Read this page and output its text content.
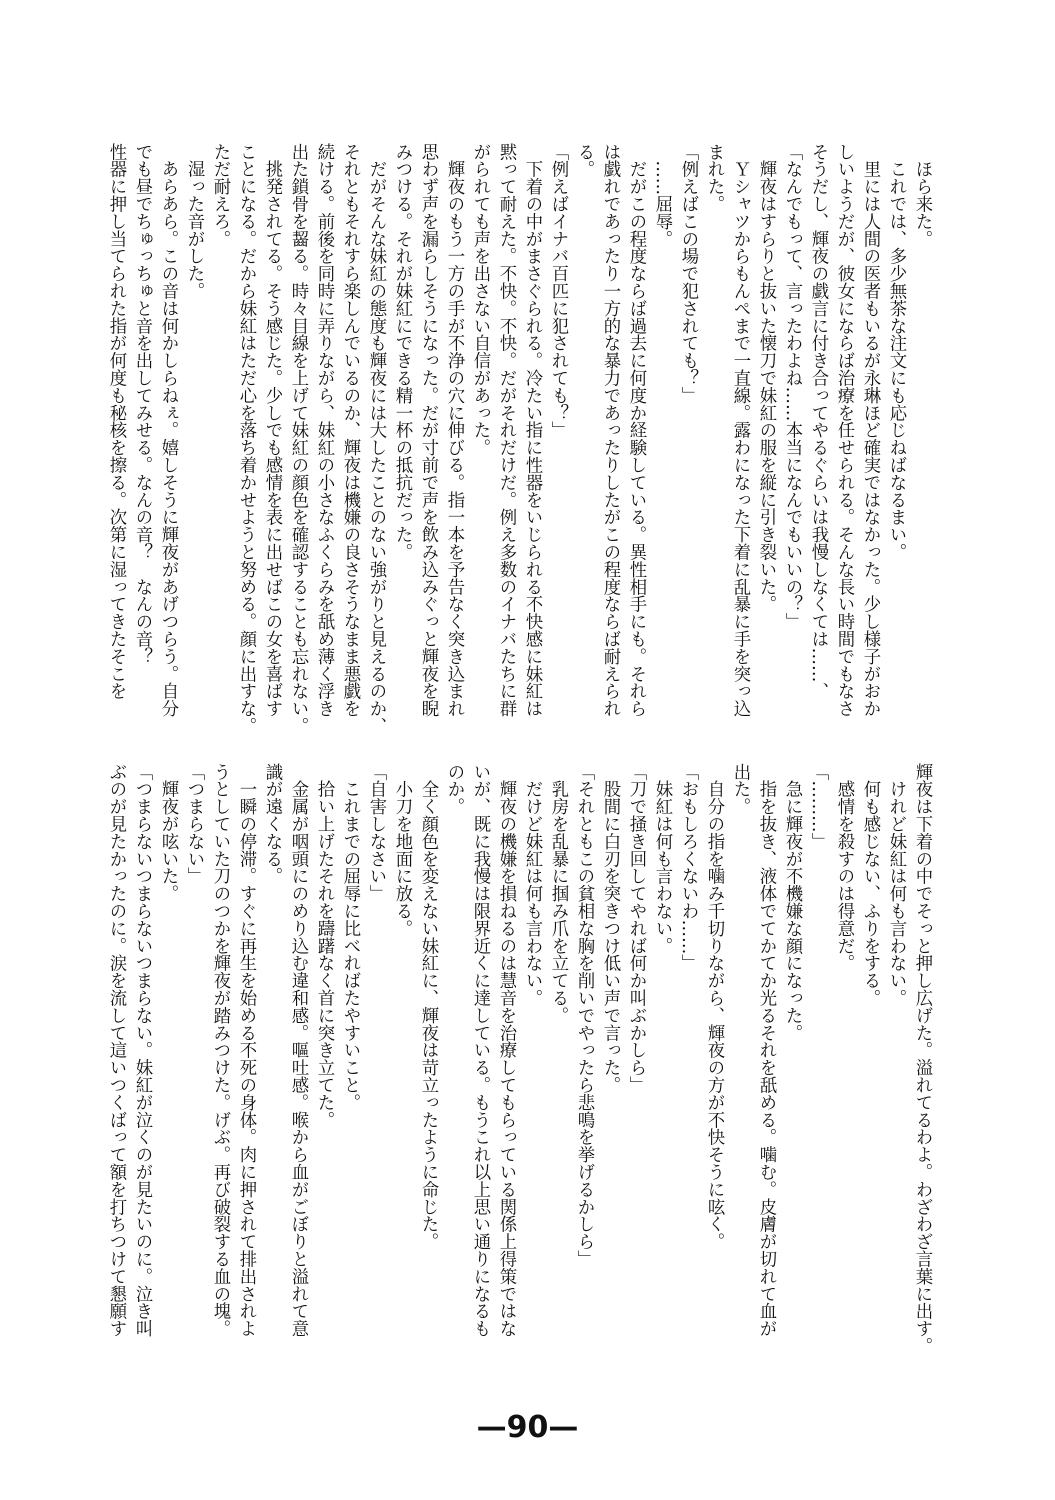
　ほら来た。
　これでは、多少無茶な注文にも応じねばなるまい。
　里には人間の医者もいるが永琳ほど確実ではなかった。少し様子がおか
しいようだが、彼女にならば治療を任せられる。そんな長い時間でもなさ
そうだし、輝夜の戯言に付き合ってやるぐらいは我慢しなくては……、
「なんでもって、言ったわよね……本当になんでもいいの？」
　輝夜はすらりと抜いた懐刀で妹紅の服を縦に引き裂いた。
　Ｙシャツからもんぺまで一直線。露わになった下着に乱暴に手を突っ込
まれた。
「例えばこの場で犯されても？」
　……屈辱。
　だがこの程度ならば過去に何度か経験している。異性相手にも。それら
は戯れであったり一方的な暴力であったりしたがこの程度ならば耐えられ
る。
「例えばイナバ百匹に犯されても？」
　下着の中がまさぐられる。冷たい指に性器をいじられる不快感に妹紅は
黙って耐えた。不快。不快。だがそれだけだ。例え多数のイナバたちに群
がられても声を出さない自信があった。
　輝夜のもう一方の手が不浄の穴に伸びる。指一本を予告なく突き込まれ
思わず声を漏らしそうになった。だが寸前で声を飲み込みぐっと輝夜を睨
みつける。それが妹紅にできる精一杯の抵抗だった。
　だがそんな妹紅の態度も輝夜には大したことのない強がりと見えるのか、
それともそれすら楽しんでいるのか、輝夜は機嫌の良さそうなまま悪戯を
続ける。前後を同時に弄りながら、妹紅の小さなふくらみを舐め薄く浮き
出た鎖骨を齧る。時々目線を上げて妹紅の顔色を確認することも忘れない。
　挑発されてる。そう感じた。少しでも感情を表に出せばこの女を喜ばす
ことになる。だから妹紅はただ心を落ち着かせようと努める。顔に出すな。
ただ耐えろ。
　湿った音がした。
　あらあら。この音は何かしらねぇ。嬉しそうに輝夜があげつらう。自分
でも昼でちゅっちゅと音を出してみせる。なんの音？　なんの音？
性器に押し当てられた指が何度も秘核を擦る。次第に湿ってきたそこを
輝夜は下着の中でそっと押し広げた。溢れてるわよ。わざわざ言葉に出す。
　けれど妹紅は何も言わない。
　何も感じない、ふりをする。
　感情を殺すのは得意だ。
「………」
　急に輝夜が不機嫌な顔になった。
　指を抜き、液体でてかてか光るそれを舐める。噛む。皮膚が切れて血が
出た。
　自分の指を噛み千切りながら、輝夜の方が不快そうに呟く。
「おもしろくないわ……」
　妹紅は何も言わない。
「刀で掻き回してやれば何か叫ぶかしら」
　股間に白刃を突きつけ低い声で言った。
「それともこの貧相な胸を削いでやったら悲鳴を挙げるかしら」
　乳房を乱暴に掴み爪を立てる。
　だけど妹紅は何も言わない。
　輝夜の機嫌を損ねるのは慧音を治療してもらっている関係上得策ではな
いが、既に我慢は限界近くに達している。もうこれ以上思い通りになるも
のか。
　全く顔色を変えない妹紅に、輝夜は苛立ったように命じた。
　小刀を地面に放る。
「自害しなさい」
　これまでの屈辱に比べればたやすいこと。
　拾い上げたそれを躊躇なく首に突き立てた。
　金属が咽頭にのめり込む違和感。嘔吐感。喉から血がごぼりと溢れて意
識が遠くなる。
　一瞬の停滞。すぐに再生を始める不死の身体。肉に押されて排出されよ
うとしていた刀のつかを輝夜が踏みつけた。げぶ。再び破裂する血の塊。
「つまらない」
　輝夜が呟いた。
「つまらないつまらないつまらない。妹紅が泣くのが見たいのに。泣き叫
ぶのが見たかったのに。涙を流して這いつくばって額を打ちつけて懇願す
—90—
